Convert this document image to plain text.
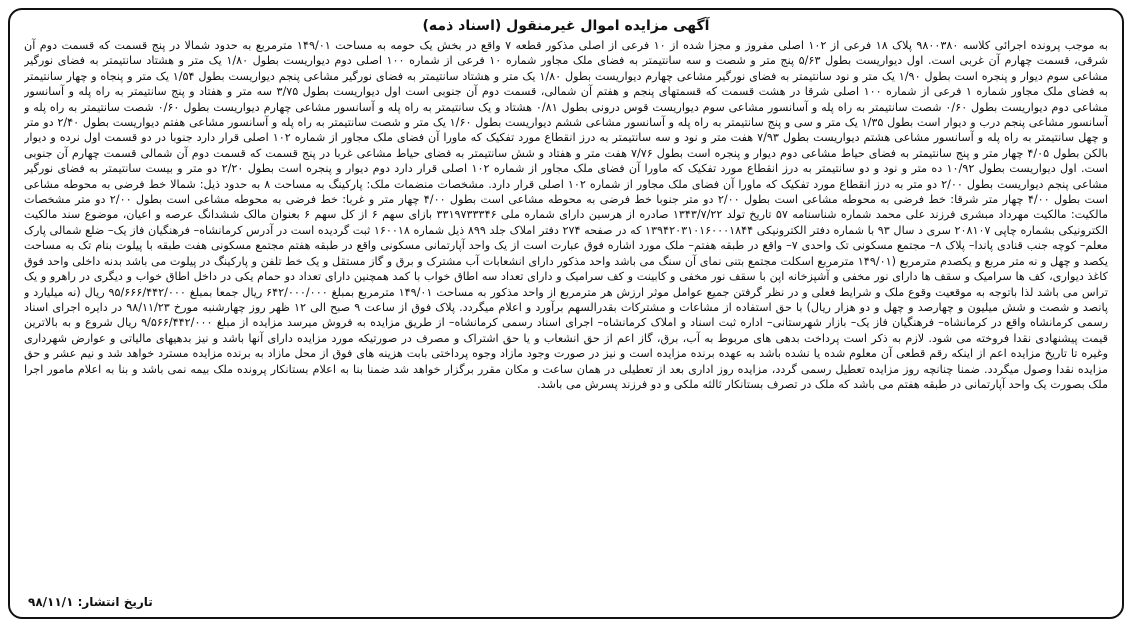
آگهی مزایده اموال غیرمنقول (اسناد ذمه)
به موجب پرونده اجرائی کلاسه ۹۸۰۰۳۸۰ پلاک ۱۸ فرعی از ۱۰۲ اصلی مفروز و مجزا شده از ۱۰ فرعی از اصلی مذکور قطعه ۷ واقع در بخش یک حومه به مساحت ۱۴۹/۰۱ مترمربع به حدود شمالا در پنج قسمت که قسمت دوم آن شرقی، قسمت چهارم آن غربی است. اول دیواریست بطول ۵/۶۳ پنج متر و شصت و سه سانتیمتر به فضای ملک مجاور شماره ۱۰ فرعی از شماره ۱۰۰ اصلی دوم دیواریست بطول ۱/۸۰ یک متر و هشتاد سانتیمتر به فضای نورگیر مشاعی سوم دیوار و پنجره است بطول ۱/۹۰ یک متر و نود سانتیمتر به فضای نورگیر مشاعی چهارم دیواریست بطول ۱/۸۰ یک متر و هشتاد سانتیمتر به فضای نورگیر مشاعی پنجم دیواریست بطول ۱/۵۴ یک متر و پنجاه و چهار سانتیمتر به فضای ملک مجاور شماره ۱ فرعی از شماره ۱۰۰ اصلی شرقا در هشت قسمت که قسمتهای پنجم و هفتم آن شمالی، قسمت دوم آن جنوبی است اول دیواریست بطول ۳/۷۵ سه متر و هفتاد و پنج سانتیمتر به راه پله و آسانسور مشاعی دوم دیواریست بطول ۰/۶۰ شصت سانتیمتر به راه پله و آسانسور مشاعی سوم دیواریست قوس درونی بطول ۰/۸۱ هشتاد و یک سانتیمتر به راه پله و آسانسور مشاعی چهارم دیواریست بطول ۰/۶۰ شصت سانتیمتر به راه پله و آسانسور مشاعی پنجم درب و دیوار است بطول ۱/۳۵ یک متر و سی و پنج سانتیمتر به راه پله و آسانسور مشاعی ششم دیواریست بطول ۱/۶۰ یک متر و شصت سانتیمتر به راه پله و آسانسور مشاعی هفتم دیواریست بطول ۲/۴۰ دو متر و چهل سانتیمتر به راه پله و آسانسور مشاعی هشتم دیواریست بطول ۷/۹۳ هفت متر و نود و سه سانتیمتر به درز انقطاع مورد تفکیک که ماورا آن فضای ملک مجاور از شماره ۱۰۲ اصلی قرار دارد جنوبا در دو قسمت اول نرده و دیوار بالکن بطول ۴/۰۵ چهار متر و پنج سانتیمتر به فضای حیاط مشاعی دوم دیوار و پنجره است بطول ۷/۷۶ هفت متر و هفتاد و شش سانتیمتر به فضای حیاط مشاعی غربا در پنج قسمت که قسمت دوم آن شمالی قسمت چهارم آن جنوبی است. اول دیواریست بطول ۱۰/۹۲ ده متر و نود و دو سانتیمتر به درز انقطاع مورد تفکیک که ماورا آن فضای ملک مجاور از شماره ۱۰۲ اصلی قرار دارد دوم دیوار و پنجره است بطول ۲/۲۰ دو متر و بیست سانتیمتر به فضای نورگیر مشاعی پنجم دیواریست بطول ۲/۰۰ دو متر به درز انقطاع مورد تفکیک که ماورا آن فضای ملک مجاور از شماره ۱۰۲ اصلی قرار دارد. مشخصات منضمات ملک: پارکینگ به مساحت ۸ به حدود ذیل: شمالا خط فرضی به محوطه مشاعی است بطول ۴/۰۰ چهار متر شرقا: خط فرضی به محوطه مشاعی است بطول ۲/۰۰ دو متر جنوبا خط فرضی به محوطه مشاعی است بطول ۴/۰۰ چهار متر و غربا: خط فرضی به محوطه مشاعی است بطول ۲/۰۰ دو متر مشخصات مالکیت: مالکیت مهرداد مبشری فرزند علی محمد شماره شناسنامه ۵۷ تاریخ تولد ۱۳۴۳/۷/۲۲ صادره از هرسین دارای شماره ملی ۳۳۱۹۷۳۳۳۴۶ بازای سهم ۶ از کل سهم ۶ بعنوان مالک ششدانگ عرصه و اعیان، موضوع سند مالکیت الکترونیکی بشماره چاپی ۲۰۸۱۰۷ سری د سال ۹۳ با شماره دفتر الکترونیکی ۱۳۹۴۲۰۳۱۰۱۶۰۰۰۱۸۴۴ که در صفحه ۲۷۴ دفتر املاک جلد ۸۹۹ ذیل شماره ۱۶۰۰۱۸ ثبت گردیده است در آدرس کرمانشاه– فرهنگیان فاز یک– ضلع شمالی پارک معلم– کوچه جنب قنادی پاندا– پلاک ۸– مجتمع مسکونی تک واحدی ۷– واقع در طبقه هفتم– ملک مورد اشاره فوق عبارت است از یک واحد آپارتمانی مسکونی واقع در طبقه هفتم مجتمع مسکونی هفت طبقه با پیلوت بنام تک به مساحت یکصد و چهل و نه متر مربع و یکصدم مترمربع (۱۴۹/۰۱ مترمربع اسکلت مجتمع بتنی نمای آن سنگ می باشد واحد مذکور دارای انشعابات آب مشترک و برق و گاز مستقل و یک خط تلفن و پارکینگ در پیلوت می باشد بدنه داخلی واحد فوق کاغذ دیواری، کف ها سرامیک و سقف ها دارای نور مخفی و آشپزخانه اپن با سقف نور مخفی و کابینت و کف سرامیک و دارای تعداد سه اطاق خواب با کمد همچنین دارای تعداد دو حمام یکی در داخل اطاق خواب و دیگری در راهرو و یک تراس می باشد لذا باتوجه به موقعیت وقوع ملک و شرایط فعلی و در نظر گرفتن جمیع عوامل موثر ارزش هر مترمربع از واحد مذکور به مساحت ۱۴۹/۰۱ مترمربع بمبلغ ۶۴۲/۰۰۰/۰۰۰ ریال جمعا بمبلغ ۹۵/۶۶۶/۴۴۲/۰۰۰ ریال (نه میلیارد و پانصد و شصت و شش میلیون و چهارصد و چهل و دو هزار ریال) با حق استفاده از مشاعات و مشترکات بقدرالسهم برآورد و اعلام میگردد. پلاک فوق از ساعت ۹ صبح الی ۱۲ ظهر روز چهارشنبه مورخ ۹۸/۱۱/۲۳ در دایره اجرای اسناد رسمی کرمانشاه واقع در کرمانشاه– فرهنگیان فاز یک– بازار شهرستانی– اداره ثبت اسناد و املاک کرمانشاه– اجرای اسناد رسمی کرمانشاه– از طریق مزایده به فروش میرسد مزایده از مبلغ ۹/۵۶۶/۴۴۲/۰۰۰ ریال شروع و به بالاترین قیمت پیشنهادی نقدا فروخته می شود. لازم به ذکر است پرداخت بدهی های مربوط به آب، برق، گاز اعم از حق انشعاب و یا حق اشتراک و مصرف در صورتیکه مورد مزایده دارای آنها باشد و نیز بدهیهای مالیاتی و عوارض شهرداری وغیره تا تاریخ مزایده اعم از اینکه رقم قطعی آن معلوم شده یا نشده باشد به عهده برنده مزایده است و نیز در صورت وجود مازاد وجوه پرداختی بابت هزینه های فوق از محل مازاد به برنده مزایده مسترد خواهد شد و نیم عشر و حق مزایده نقدا وصول میگردد. ضمنا چنانچه روز مزایده تعطیل رسمی گردد، مزایده روز اداری بعد از تعطیلی در همان ساعت و مکان مقرر برگزار خواهد شد ضمنا بنا به اعلام بستانکار پرونده ملک بیمه نمی باشد و بنا به اعلام مامور اجرا ملک بصورت یک واحد آپارتمانی در طبقه هفتم می باشد که ملک در تصرف بستانکار ثالثه ملکی و دو فرزند پسرش می باشد.
تاریخ انتشار: ۹۸/۱۱/۱
